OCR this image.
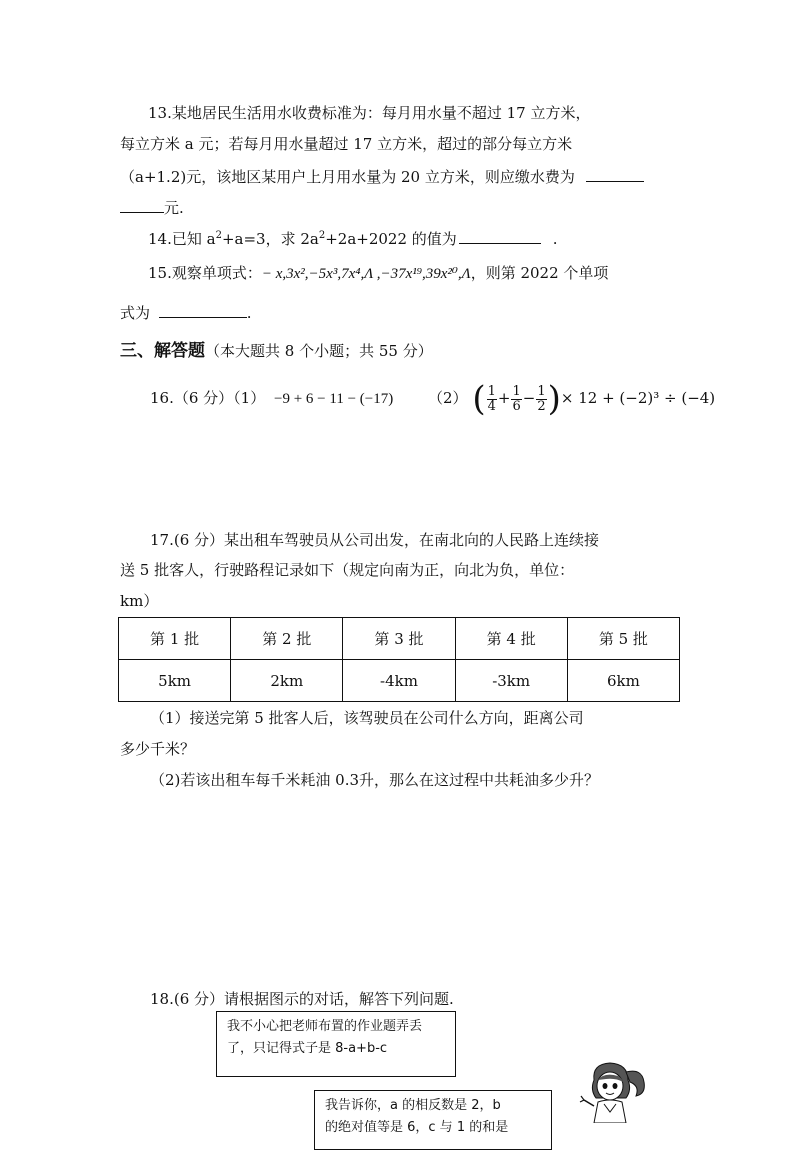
13.某地居民生活用水收费标准为：每月用水量不超过 17 立方米，
每立方米 a 元；若每月用水量超过 17 立方米，超过的部分每立方米
（a+1.2)元，该地区某用户上月用水量为 20 立方米，则应缴水费为
元.
14.已知 $a^2+a=3$，求 $2a^2+2a+2022$ 的值为	.
15.观察单项式：− x,3x²,−5x³,7x⁴,Λ ,−37x¹⁹,39x²⁰,Λ，则第 2022 个单项
式为	.
三、解答题（本大题共 8 个小题；共 55 分）
16.（6 分）（1） −9 + 6 − 11 − (−17) （2） ( $\frac{1}{4} + \frac{1}{6} - \frac{1}{2}$ )× 12 + (−2)³ ÷ (−4)
17.(6 分）某出租车驾驶员从公司出发，在南北向的人民路上连续接
送 5 批客人，行驶路程记录如下（规定向南为正，向北为负，单位：
km）
第 1 批	第 2 批	第 3 批	第 4 批	第 5 批
5km	2km	-4km	-3km	6km
（1）接送完第 5 批客人后，该驾驶员在公司什么方向，距离公司
多少千米？
（2)若该出租车每千米耗油 0.3升，那么在这过程中共耗油多少升？
18.(6 分）请根据图示的对话，解答下列问题.
我不小心把老师布置的作业题弄丢
了，只记得式子是 8-a+b-c
我告诉你，a 的相反数是 2，b
的绝对值等是 6，c 与 1 的和是
